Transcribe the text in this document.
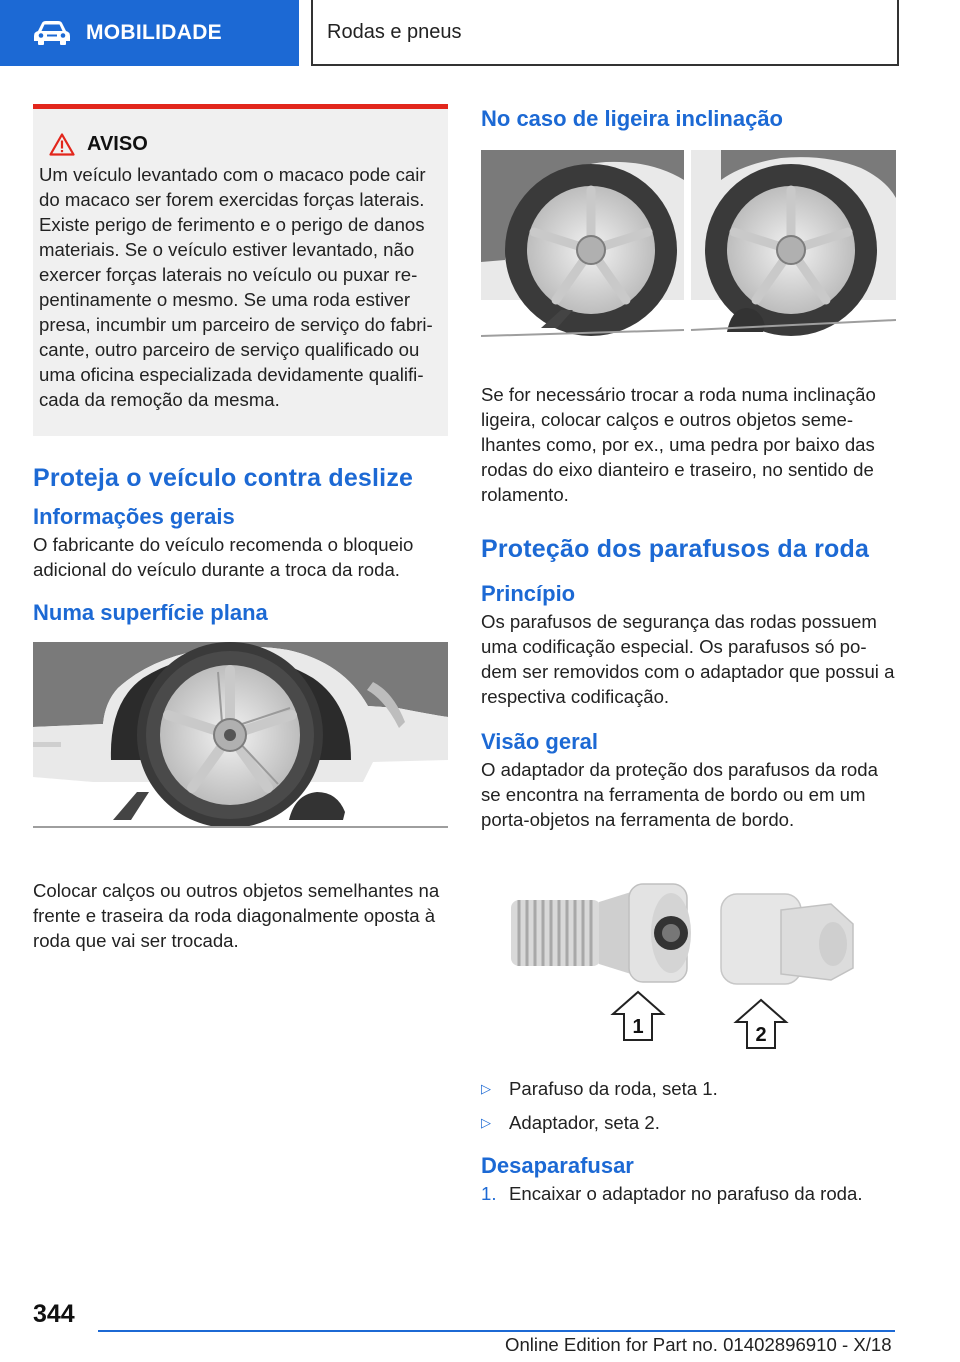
MOBILIDADE	Rodas e pneus
AVISO
Um veículo levantado com o macaco pode cair do macaco ser forem exercidas forças laterais. Existe perigo de ferimento e o perigo de danos materiais. Se o veículo estiver levantado, não exercer forças laterais no veículo ou puxar repentinamente o mesmo. Se uma roda estiver presa, incumbir um parceiro de serviço do fabricante, outro parceiro de serviço qualificado ou uma oficina especializada devidamente qualificada da remoção da mesma.
Proteja o veículo contra deslize
Informações gerais

O fabricante do veículo recomenda o bloqueio adicional do veículo durante a troca da roda.

Numa superfície plana

Colocar calços ou outros objetos semelhantes na frente e traseira da roda diagonalmente oposta à roda que vai ser trocada.

No caso de ligeira inclinação

Se for necessário trocar a roda numa inclinação ligeira, colocar calços e outros objetos semelhantes como, por ex., uma pedra por baixo das rodas do eixo dianteiro e traseiro, no sentido de rolamento.

Proteção dos parafusos da roda
Princípio

Os parafusos de segurança das rodas possuem uma codificação especial. Os parafusos só podem ser removidos com o adaptador que possui a respectiva codificação.

Visão geral

O adaptador da proteção dos parafusos da roda se encontra na ferramenta de bordo ou em um porta-objetos na ferramenta de bordo.

1	2
▷ Parafuso da roda, seta 1.
▷ Adaptador, seta 2.
Desaparafusar
1. Encaixar o adaptador no parafuso da roda.
344
Online Edition for Part no. 01402896910 - X/18
